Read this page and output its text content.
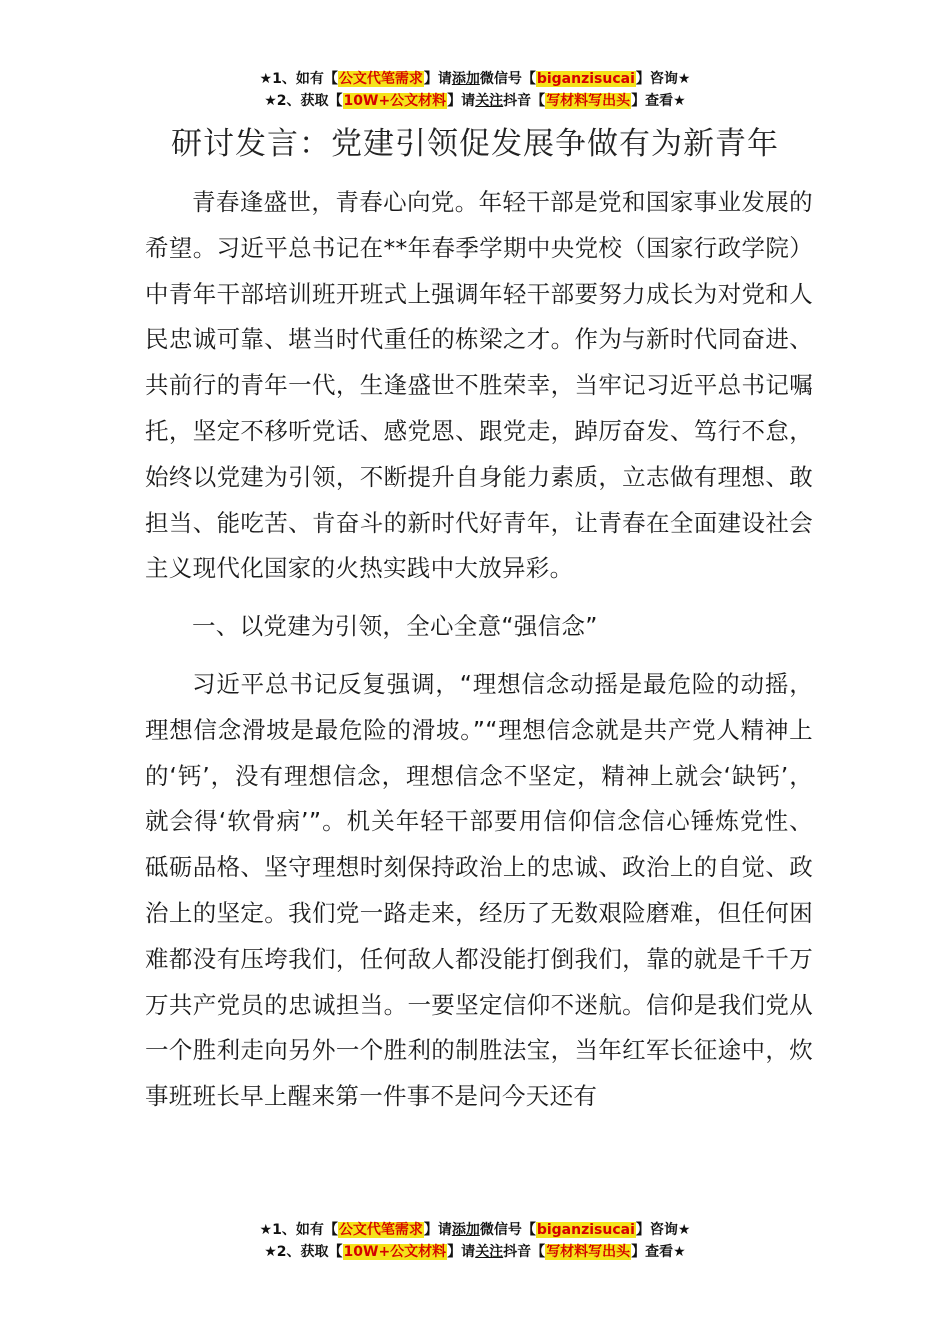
★1、如有【公文代笔需求】请添加微信号【biganzisucai】咨询★
★2、获取【10W+公文材料】请关注抖音【写材料写出头】查看★
研讨发言：党建引领促发展争做有为新青年

青春逢盛世，青春心向党。年轻干部是党和国家事业发展的希望。习近平总书记在**年春季学期中央党校（国家行政学院）中青年干部培训班开班式上强调年轻干部要努力成长为对党和人民忠诚可靠、堪当时代重任的栋梁之才。作为与新时代同奋进、共前行的青年一代，生逢盛世不胜荣幸，当牢记习近平总书记嘱托，坚定不移听党话、感党恩、跟党走，踔厉奋发、笃行不怠，始终以党建为引领，不断提升自身能力素质，立志做有理想、敢担当、能吃苦、肯奋斗的新时代好青年，让青春在全面建设社会主义现代化国家的火热实践中大放异彩。

一、以党建为引领，全心全意“强信念”

习近平总书记反复强调，“理想信念动摇是最危险的动摇，理想信念滑坡是最危险的滑坡。”“理想信念就是共产党人精神上的‘钙’，没有理想信念，理想信念不坚定，精神上就会‘缺钙’，就会得‘软骨病’”。机关年轻干部要用信仰信念信心锤炼党性、砥砺品格、坚守理想时刻保持政治上的忠诚、政治上的自觉、政治上的坚定。我们党一路走来，经历了无数艰险磨难，但任何困难都没有压垮我们，任何敌人都没能打倒我们，靠的就是千千万万共产党员的忠诚担当。一要坚定信仰不迷航。信仰是我们党从一个胜利走向另外一个胜利的制胜法宝，当年红军长征途中，炊事班班长早上醒来第一件事不是问今天还有

★1、如有【公文代笔需求】请添加微信号【biganzisucai】咨询★
★2、获取【10W+公文材料】请关注抖音【写材料写出头】查看★
